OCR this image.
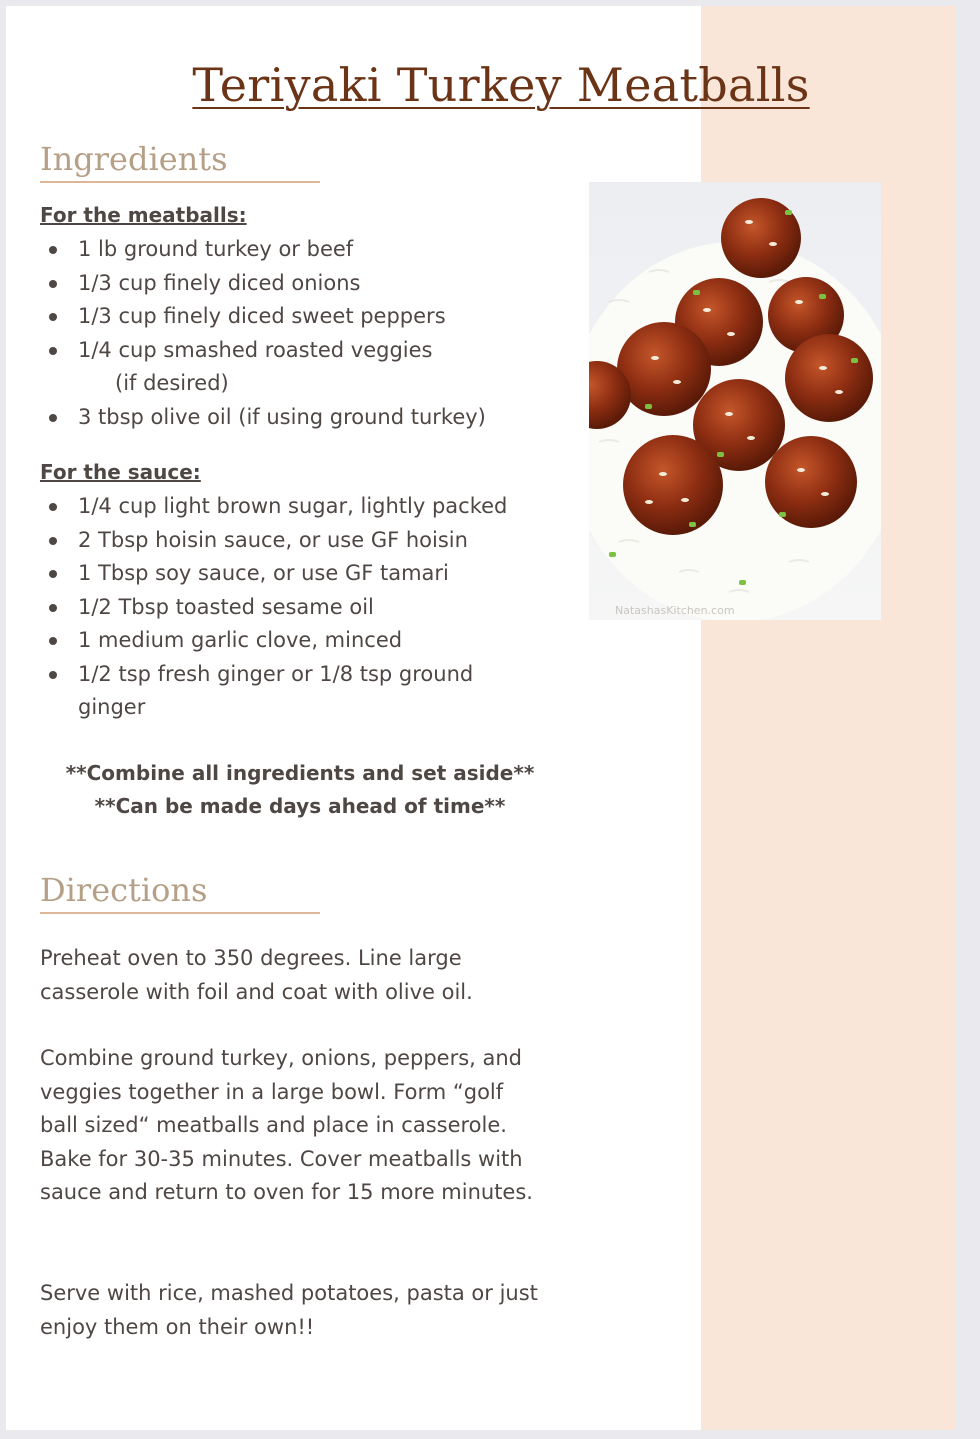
Teriyaki Turkey Meatballs
Ingredients

For the meatballs:

1 lb ground turkey or beef
1/3 cup finely diced onions
1/3 cup finely diced sweet peppers
1/4 cup smashed roasted veggies
(if desired)
3 tbsp olive oil (if using ground turkey)

For the sauce:

1/4 cup light brown sugar, lightly packed
2 Tbsp hoisin sauce, or use GF hoisin
1 Tbsp soy sauce, or use GF tamari
1/2 Tbsp toasted sesame oil
1 medium garlic clove, minced
1/2 tsp fresh ginger or 1/8 tsp ground ginger

**Combine all ingredients and set aside**

**Can be made days ahead of time**

Directions

Preheat oven to 350 degrees. Line large casserole with foil and coat with olive oil.

Combine ground turkey, onions, peppers, and veggies together in a large bowl. Form “golf ball sized“ meatballs and place in casserole. Bake for 30-35 minutes. Cover meatballs with sauce and return to oven for 15 more minutes.

Serve with rice, mashed potatoes, pasta or just enjoy them on their own!!

NatashasKitchen.com
